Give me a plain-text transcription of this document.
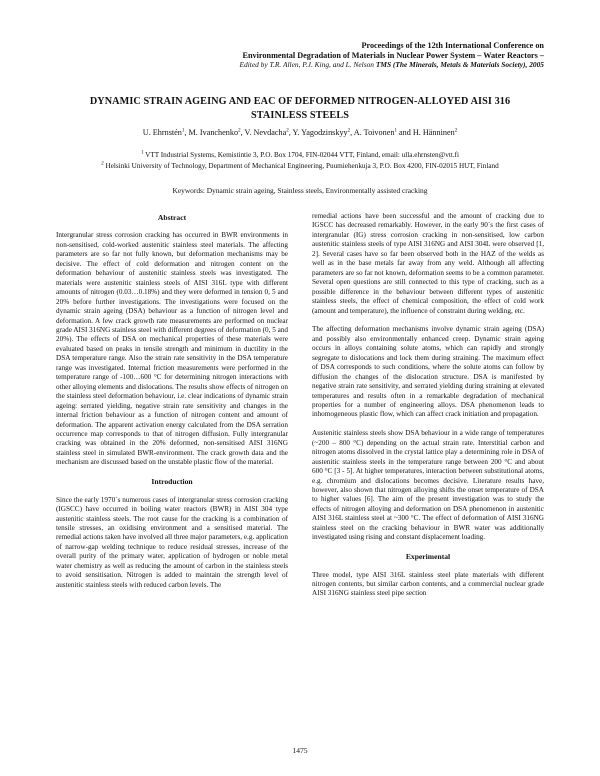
Proceedings of the 12th International Conference on
Environmental Degradation of Materials in Nuclear Power System – Water Reactors –
Edited by T.R. Allen, P.J. King, and L. Nelson TMS (The Minerals, Metals & Materials Society), 2005
DYNAMIC STRAIN AGEING AND EAC OF DEFORMED NITROGEN-ALLOYED AISI 316
STAINLESS STEELS
U. Ehrnstén$^1$, M. Ivanchenko$^2$, V. Nevdacha$^2$, Y. Yagodzinskyy$^2$, A. Toivonen$^1$ and H. Hänninen$^2$
$^1$ VTT Industrial Systems, Kemistintie 3, P.O. Box 1704, FIN-02044 VTT, Finland, email: ulla.ehrnsten@vtt.fi
$^2$ Helsinki University of Technology, Department of Mechanical Engineering, Puumiehenkuja 3, P.O. Box 4200, FIN-02015 HUT, Finland
Keywords: Dynamic strain ageing, Stainless steels, Environmentally assisted cracking
Abstract

Intergranular stress corrosion cracking has occurred in BWR environments in non-sensitised, cold-worked austenitic stainless steel materials. The affecting parameters are so far not fully known, but deformation mechanisms may be decisive. The effect of cold deformation and nitrogen content on the deformation behaviour of austenitic stainless steels was investigated. The materials were austenitic stainless steels of AISI 316L type with different amounts of nitrogen (0.03…0.18%) and they were deformed in tension 0, 5 and 20% before further investigations. The investigations were focused on the dynamic strain ageing (DSA) behaviour as a function of nitrogen level and deformation. A few crack growth rate measurements are performed on nuclear grade AISI 316NG stainless steel with different degrees of deformation (0, 5 and 20%). The effects of DSA on mechanical properties of these materials were evaluated based on peaks in tensile strength and minimum in ductility in the DSA temperature range. Also the strain rate sensitivity in the DSA temperature range was investigated. Internal friction measurements were performed in the temperature range of -100…600 °C for determining nitrogen interactions with other alloying elements and dislocations. The results show effects of nitrogen on the stainless steel deformation behaviour, i.e. clear indications of dynamic strain ageing: serrated yielding, negative strain rate sensitivity and changes in the internal friction behaviour as a function of nitrogen content and amount of deformation. The apparent activation energy calculated from the DSA serration occurrence map corresponds to that of nitrogen diffusion. Fully intergranular cracking was obtained in the 20% deformed, non-sensitised AISI 316NG stainless steel in simulated BWR-environment. The crack growth data and the mechanism are discussed based on the unstable plastic flow of the material.

Introduction

Since the early 1970´s numerous cases of intergranular stress corrosion cracking (IGSCC) have occurred in boiling water reactors (BWR) in AISI 304 type austenitic stainless steels. The root cause for the cracking is a combination of tensile stresses, an oxidising environment and a sensitised material. The remedial actions taken have involved all three major parameters, e.g. application of narrow-gap welding technique to reduce residual stresses, increase of the overall purity of the primary water, application of hydrogen or noble metal water chemistry as well as reducing the amount of carbon in the stainless steels to avoid sensitisation. Nitrogen is added to maintain the strength level of austenitic stainless steels with reduced carbon levels. The

remedial actions have been successful and the amount of cracking due to IGSCC has decreased remarkably. However, in the early 90´s the first cases of intergranular (IG) stress corrosion cracking in non-sensitised, low carbon austenitic stainless steels of type AISI 316NG and AISI 304L were observed [1, 2]. Several cases have so far been observed both in the HAZ of the welds as well as in the base metals far away from any weld. Although all affecting parameters are so far not known, deformation seems to be a common parameter. Several open questions are still connected to this type of cracking, such as a possible difference in the behaviour between different types of austenitic stainless steels, the effect of chemical composition, the effect of cold work (amount and temperature), the influence of constraint during welding, etc.

The affecting deformation mechanisms involve dynamic strain ageing (DSA) and possibly also environmentally enhanced creep. Dynamic strain ageing occurs in alloys containing solute atoms, which can rapidly and strongly segregate to dislocations and lock them during straining. The maximum effect of DSA corresponds to such conditions, where the solute atoms can follow by diffusion the changes of the dislocation structure. DSA is manifested by negative strain rate sensitivity, and serrated yielding during straining at elevated temperatures and results often in a remarkable degradation of mechanical properties for a number of engineering alloys. DSA phenomenon leads to inhomogeneous plastic flow, which can affect crack initiation and propagation.

Austenitic stainless steels show DSA behaviour in a wide range of temperatures (~200 – 800 °C) depending on the actual strain rate. Interstitial carbon and nitrogen atoms dissolved in the crystal lattice play a determining role in DSA of austenitic stainless steels in the temperature range between 200 °C and about 600 °C [3 - 5]. At higher temperatures, interaction between substitutional atoms, e.g. chromium and dislocations becomes decisive. Literature results have, however, also shown that nitrogen alloying shifts the onset temperature of DSA to higher values [6]. The aim of the present investigation was to study the effects of nitrogen alloying and deformation on DSA phenomenon in austenitic AISI 316L stainless steel at ~300 °C. The effect of deformation of AISI 316NG stainless steel on the cracking behaviour in BWR water was additionally investigated using rising and constant displacement loading.

Experimental

Three model, type AISI 316L stainless steel plate materials with different nitrogen contents, but similar carbon contents, and a commercial nuclear grade AISI 316NG stainless steel pipe section

1475
